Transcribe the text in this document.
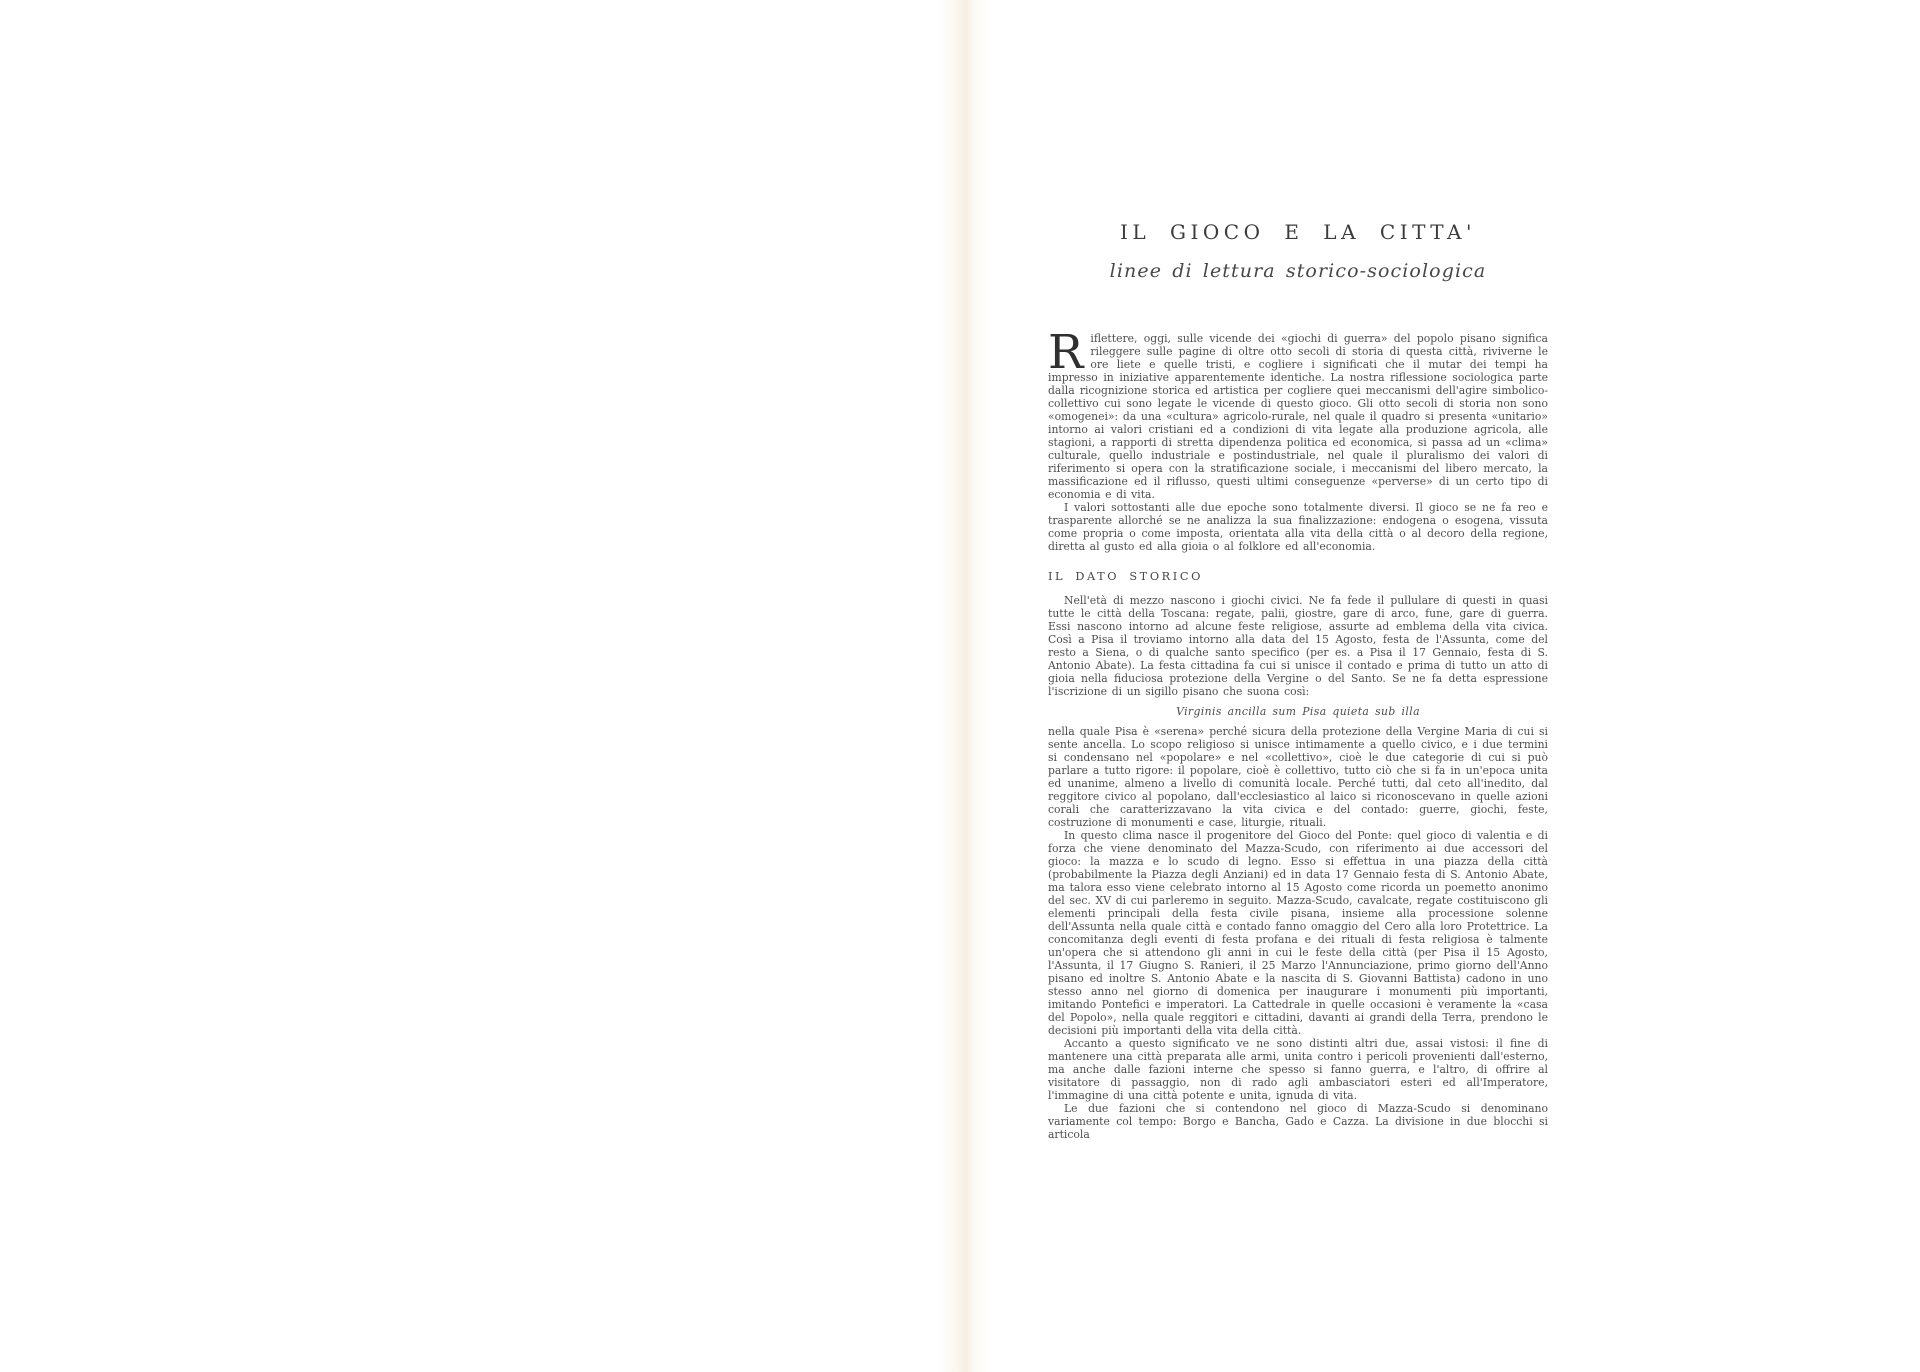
IL GIOCO E LA CITTA'
linee di lettura storico-sociologica

Riflettere, oggi, sulle vicende dei «giochi di guerra» del popolo pisano significa rileggere sulle pagine di oltre otto secoli di storia di questa città, riviverne le ore liete e quelle tristi, e cogliere i significati che il mutar dei tempi ha impresso in iniziative apparentemente identiche. La nostra riflessione sociologica parte dalla ricognizione storica ed artistica per cogliere quei meccanismi dell'agire simbolico-collettivo cui sono legate le vicende di questo gioco. Gli otto secoli di storia non sono «omogenei»: da una «cultura» agricolo-rurale, nel quale il quadro si presenta «unitario» intorno ai valori cristiani ed a condizioni di vita legate alla produzione agricola, alle stagioni, a rapporti di stretta dipendenza politica ed economica, si passa ad un «clima» culturale, quello industriale e postindustriale, nel quale il pluralismo dei valori di riferimento si opera con la stratificazione sociale, i meccanismi del libero mercato, la massificazione ed il riflusso, questi ultimi conseguenze «perverse» di un certo tipo di economia e di vita.

I valori sottostanti alle due epoche sono totalmente diversi. Il gioco se ne fa reo e trasparente allorché se ne analizza la sua finalizzazione: endogena o esogena, vissuta come propria o come imposta, orientata alla vita della città o al decoro della regione, diretta al gusto ed alla gioia o al folklore ed all'economia.

IL DATO STORICO

Nell'età di mezzo nascono i giochi civici. Ne fa fede il pullulare di questi in quasi tutte le città della Toscana: regate, palii, giostre, gare di arco, fune, gare di guerra. Essi nascono intorno ad alcune feste religiose, assurte ad emblema della vita civica. Così a Pisa il troviamo intorno alla data del 15 Agosto, festa de l'Assunta, come del resto a Siena, o di qualche santo specifico (per es. a Pisa il 17 Gennaio, festa di S. Antonio Abate). La festa cittadina fa cui si unisce il contado e prima di tutto un atto di gioia nella fiduciosa protezione della Vergine o del Santo. Se ne fa detta espressione l'iscrizione di un sigillo pisano che suona così:

Virginis ancilla sum Pisa quieta sub illa

nella quale Pisa è «serena» perché sicura della protezione della Vergine Maria di cui si sente ancella. Lo scopo religioso si unisce intimamente a quello civico, e i due termini si condensano nel «popolare» e nel «collettivo», cioè le due categorie di cui si può parlare a tutto rigore: il popolare, cioè è collettivo, tutto ciò che si fa in un'epoca unita ed unanime, almeno a livello di comunità locale. Perché tutti, dal ceto all'inedito, dal reggitore civico al popolano, dall'ecclesiastico al laico si riconoscevano in quelle azioni corali che caratterizzavano la vita civica e del contado: guerre, giochi, feste, costruzione di monumenti e case, liturgie, rituali.

In questo clima nasce il progenitore del Gioco del Ponte: quel gioco di valentia e di forza che viene denominato del Mazza-Scudo, con riferimento ai due accessori del gioco: la mazza e lo scudo di legno. Esso si effettua in una piazza della città (probabilmente la Piazza degli Anziani) ed in data 17 Gennaio festa di S. Antonio Abate, ma talora esso viene celebrato intorno al 15 Agosto come ricorda un poemetto anonimo del sec. XV di cui parleremo in seguito. Mazza-Scudo, cavalcate, regate costituiscono gli elementi principali della festa civile pisana, insieme alla processione solenne dell'Assunta nella quale città e contado fanno omaggio del Cero alla loro Protettrice. La concomitanza degli eventi di festa profana e dei rituali di festa religiosa è talmente un'opera che si attendono gli anni in cui le feste della città (per Pisa il 15 Agosto, l'Assunta, il 17 Giugno S. Ranieri, il 25 Marzo l'Annunciazione, primo giorno dell'Anno pisano ed inoltre S. Antonio Abate e la nascita di S. Giovanni Battista) cadono in uno stesso anno nel giorno di domenica per inaugurare i monumenti più importanti, imitando Pontefici e imperatori. La Cattedrale in quelle occasioni è veramente la «casa del Popolo», nella quale reggitori e cittadini, davanti ai grandi della Terra, prendono le decisioni più importanti della vita della città.

Accanto a questo significato ve ne sono distinti altri due, assai vistosi: il fine di mantenere una città preparata alle armi, unita contro i pericoli provenienti dall'esterno, ma anche dalle fazioni interne che spesso si fanno guerra, e l'altro, di offrire al visitatore di passaggio, non di rado agli ambasciatori esteri ed all'Imperatore, l'immagine di una città potente e unita, ignuda di vita.

Le due fazioni che si contendono nel gioco di Mazza-Scudo si denominano variamente col tempo: Borgo e Bancha, Gado e Cazza. La divisione in due blocchi si articola
